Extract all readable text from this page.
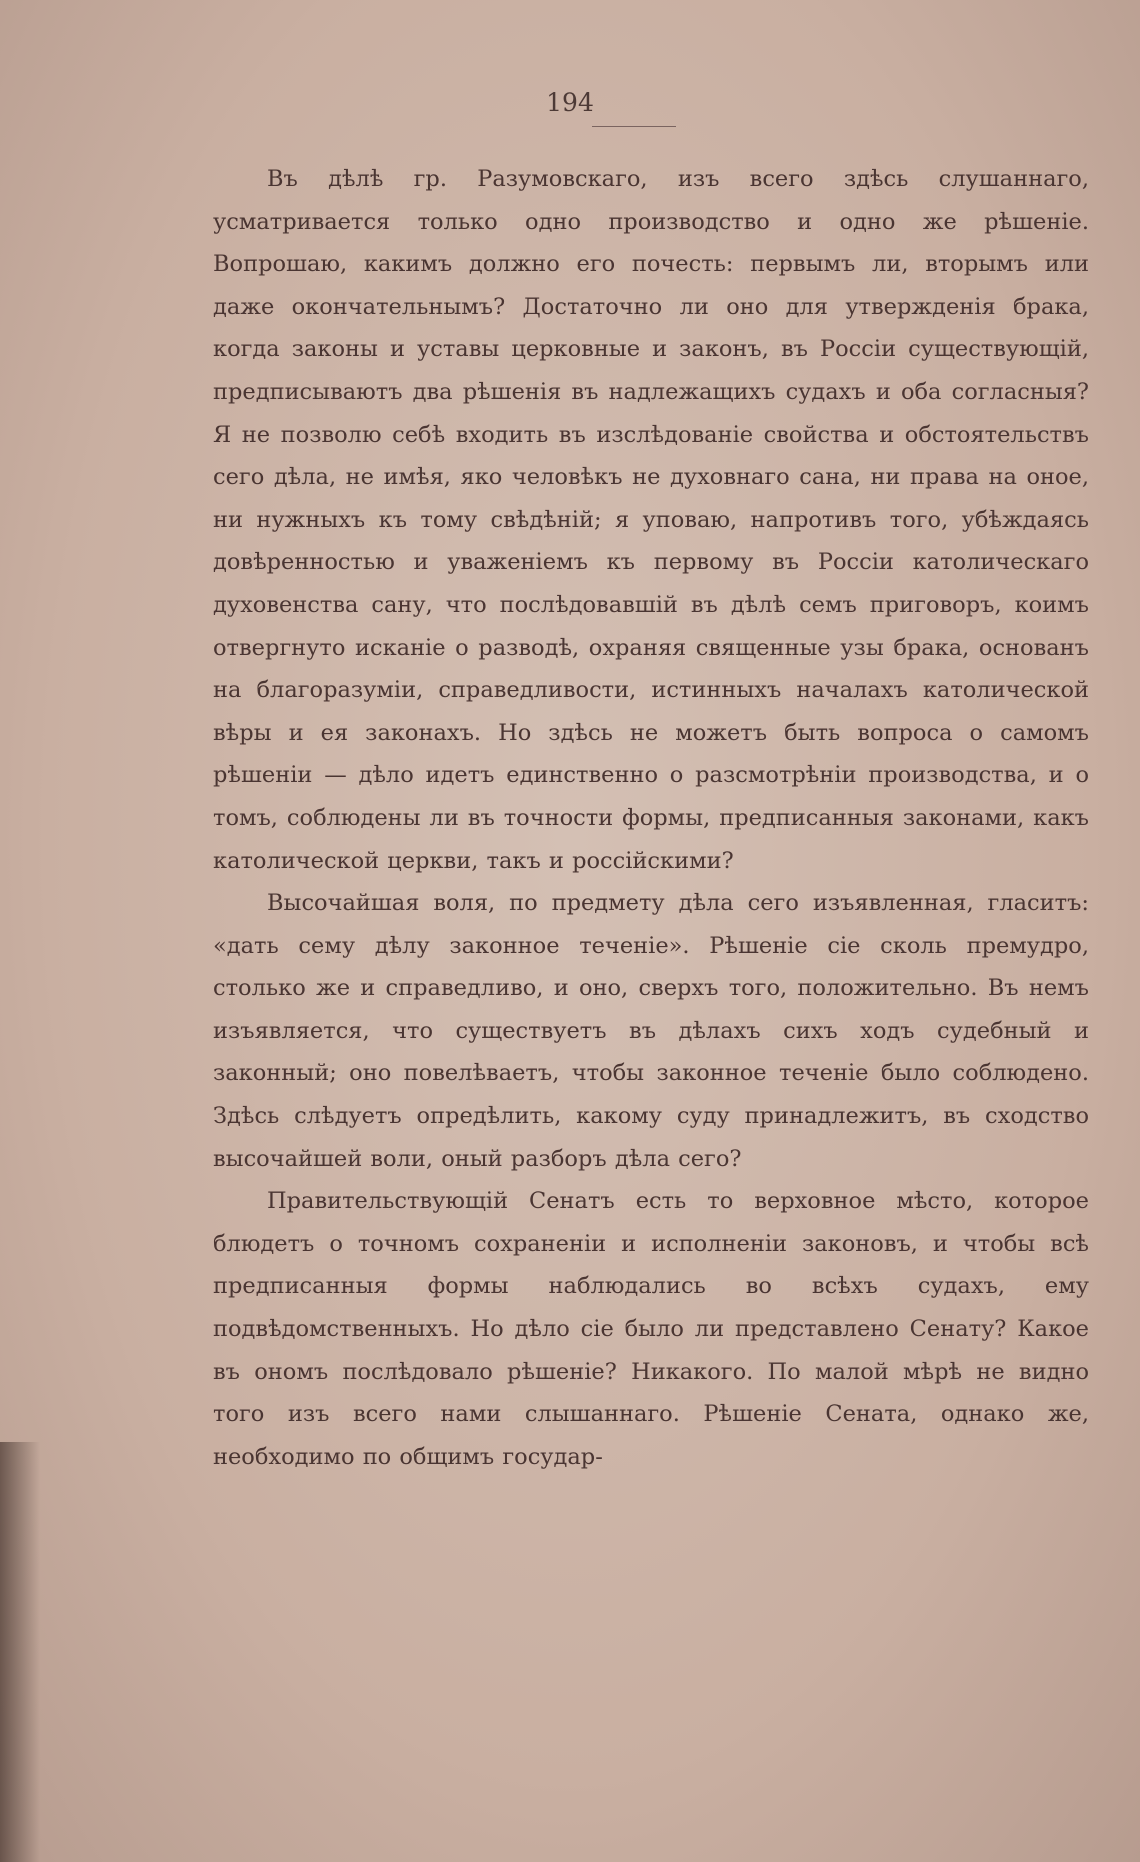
194

Въ дѣлѣ гр. Разумовскаго, изъ всего здѣсь слушаннаго, усматривается только одно производство и одно же рѣшеніе. Вопрошаю, какимъ должно его почесть: первымъ ли, вторымъ или даже окончательнымъ? Достаточно ли оно для утвержденія брака, когда законы и уставы церковные и законъ, въ Россіи существующій, предписываютъ два рѣшенія въ надлежащихъ судахъ и оба согласныя? Я не позволю себѣ входить въ изслѣдованіе свойства и обстоятельствъ сего дѣла, не имѣя, яко человѣкъ не духовнаго сана, ни права на оное, ни нужныхъ къ тому свѣдѣній; я уповаю, напротивъ того, убѣждаясь довѣренностью и уваженіемъ къ первому въ Россіи католическаго духовенства сану, что послѣдовавшій въ дѣлѣ семъ приговоръ, коимъ отвергнуто исканіе о разводѣ, охраняя священные узы брака, основанъ на благоразуміи, справедливости, истинныхъ началахъ католической вѣры и ея законахъ. Но здѣсь не можетъ быть вопроса о самомъ рѣшеніи — дѣло идетъ единственно о разсмотрѣніи производства, и о томъ, соблюдены ли въ точности формы, предписанныя законами, какъ католической церкви, такъ и россійскими?

Высочайшая воля, по предмету дѣла сего изъявленная, гласитъ: «дать сему дѣлу законное теченіе». Рѣшеніе сіе сколь премудро, столько же и справедливо, и оно, сверхъ того, положительно. Въ немъ изъявляется, что существуетъ въ дѣлахъ сихъ ходъ судебный и законный; оно повелѣваетъ, чтобы законное теченіе было соблюдено. Здѣсь слѣдуетъ опредѣлить, какому суду принадлежитъ, въ сходство высочайшей воли, оный разборъ дѣла сего?

Правительствующій Сенатъ есть то верховное мѣсто, которое блюдетъ о точномъ сохраненіи и исполненіи законовъ, и чтобы всѣ предписанныя формы наблюдались во всѣхъ судахъ, ему подвѣдомственныхъ. Но дѣло сіе было ли представлено Сенату? Какое въ ономъ послѣдовало рѣшеніе? Никакого. По малой мѣрѣ не видно того изъ всего нами слышаннаго. Рѣшеніе Сената, однако же, необходимо по общимъ государ-
